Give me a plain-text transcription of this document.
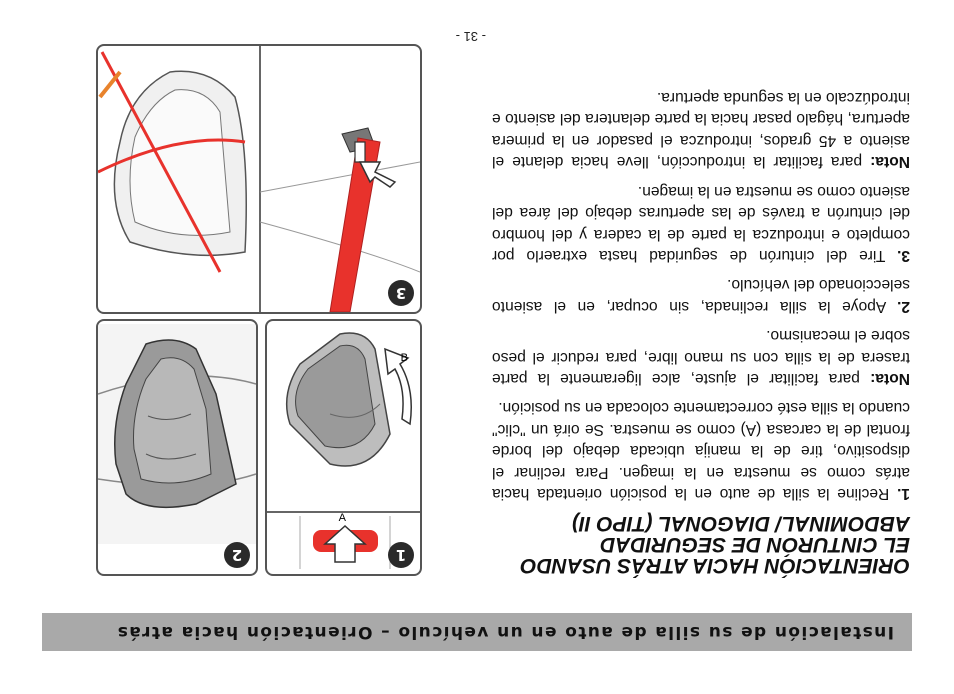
Instalación de su silla de auto en un vehículo – Orientación hacia atrás
ORIENTACIÓN HACIA ATRÁS USANDO
EL CINTURÓN DE SEGURIDAD
ABDOMINAL/ DIAGONAL (TIPO II)

1. Recline la silla de auto en la posición orientada hacia atrás como se muestra en la imagen. Para reclinar el dispositivo, tire de la manija ubicada debajo del borde frontal de la carcasa (A) como se muestra. Se oirá un "clic" cuando la silla esté correctamente colocada en su posición.

Nota: para facilitar el ajuste, alce ligeramente la parte trasera de la silla con su mano libre, para reducir el peso sobre el mecanismo.

2. Apoye la silla reclinada, sin ocupar, en el asiento seleccionado del vehículo.

3. Tire del cinturón de seguridad hasta extraerlo por completo e introduzca la parte de la cadera y del hombro del cinturón a través de las aperturas debajo del área del asiento como se muestra en la imagen.

Nota: para facilitar la introducción, lleve hacia delante el asiento a 45 grados, introduzca el pasador en la primera apertura, hágalo pasar hacia la parte delantera del asiento e introdúzcalo en la segunda apertura.

1
A
B
2
3
- 31 -
